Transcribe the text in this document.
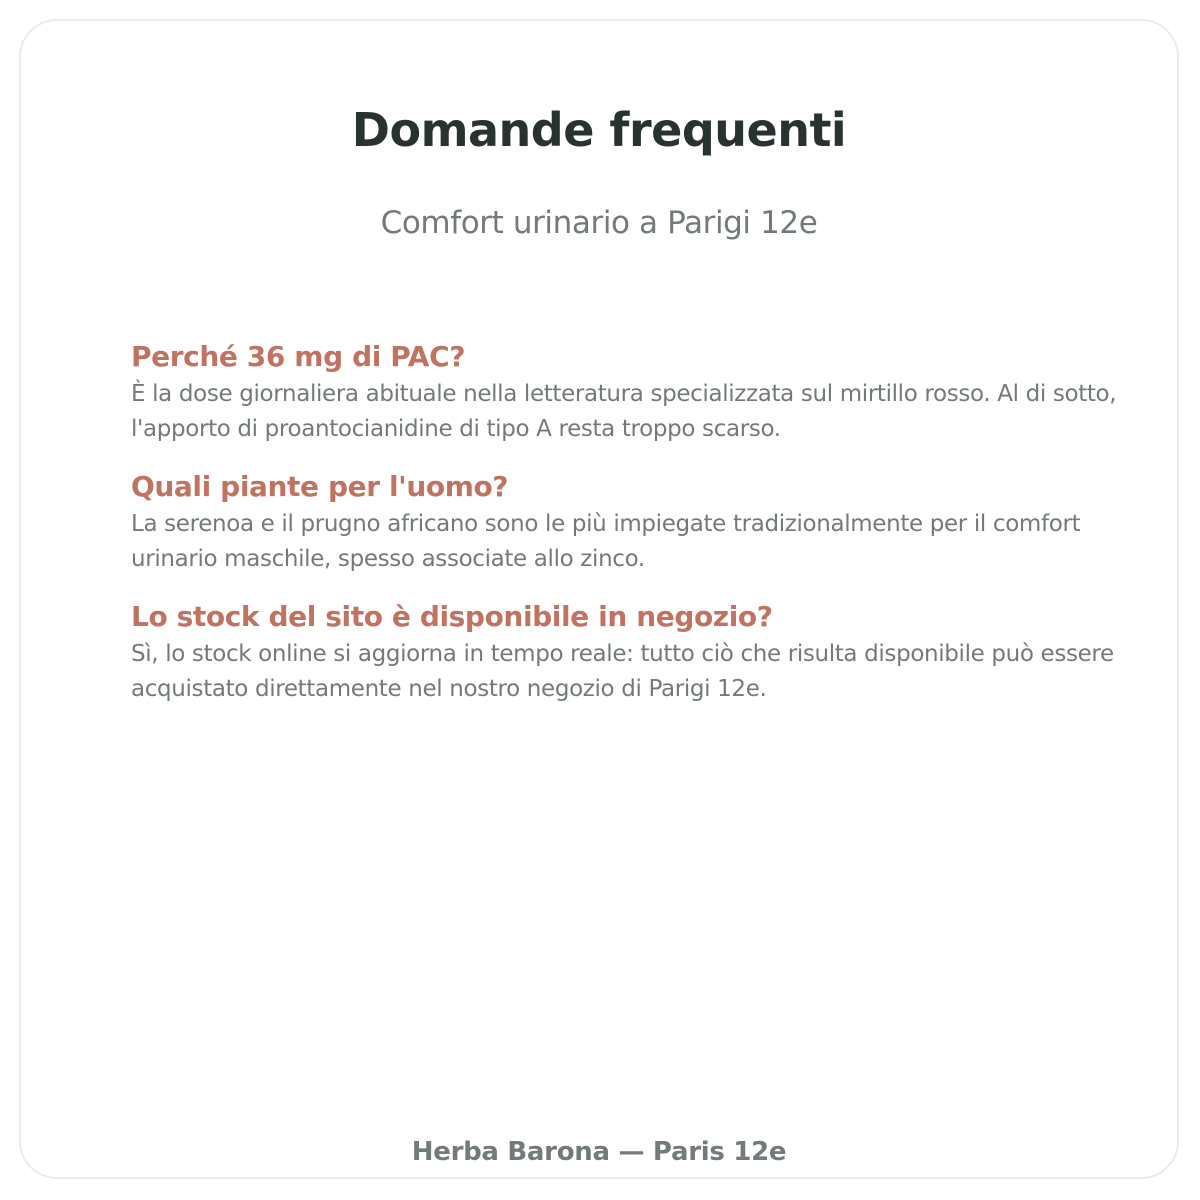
Domande frequenti

Comfort urinario a Parigi 12e

Perché 36 mg di PAC?

È la dose giornaliera abituale nella letteratura specializzata sul mirtillo rosso. Al di sotto, l'apporto di proantocianidine di tipo A resta troppo scarso.

Quali piante per l'uomo?

La serenoa e il prugno africano sono le più impiegate tradizionalmente per il comfort urinario maschile, spesso associate allo zinco.

Lo stock del sito è disponibile in negozio?

Sì, lo stock online si aggiorna in tempo reale: tutto ciò che risulta disponibile può essere acquistato direttamente nel nostro negozio di Parigi 12e.

Herba Barona — Paris 12e
